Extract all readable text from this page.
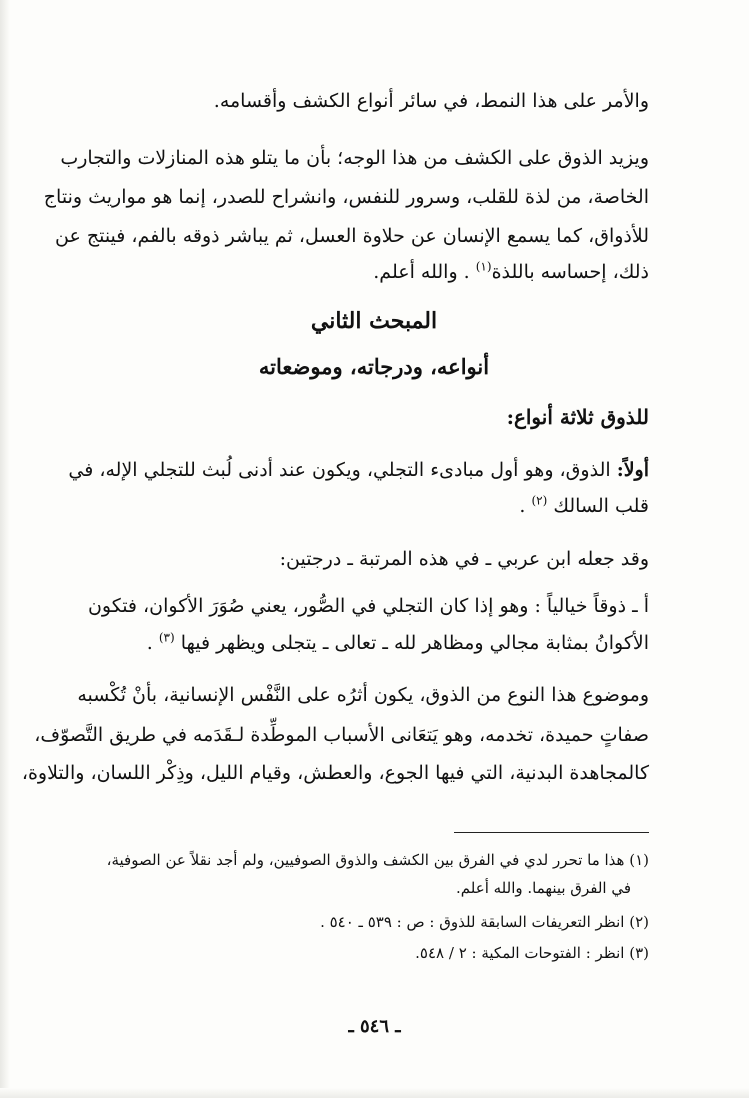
والأمر على هذا النمط، في سائر أنواع الكشف وأقسامه.
ويزيد الذوق على الكشف من هذا الوجه؛ بأن ما يتلو هذه المنازلات والتجارب
الخاصة، من لذة للقلب، وسرور للنفس، وانشراح للصدر، إنما هو مواريث ونتاج
للأذواق، كما يسمع الإنسان عن حلاوة العسل، ثم يباشر ذوقه بالفم، فينتج عن
ذلك، إحساسه باللذة$^{(١)}$ . والله أعلم.
المبحث الثاني
أنواعه، ودرجاته، وموضعاته
للذوق ثلاثة أنواع:
أولاً: الذوق، وهو أول مبادىء التجلي، ويكون عند أدنى لُبث للتجلي الإله، في
قلب السالك $^{(٢)}$ .
وقد جعله ابن عربي ـ في هذه المرتبة ـ درجتين:
أ ـ ذوقاً خيالياً : وهو إذا كان التجلي في الصُّور، يعني صُوَرَ الأكوان، فتكون
الأكوانُ بمثابة مجالي ومظاهر لله ـ تعالى ـ يتجلى ويظهر فيها $^{(٣)}$ .
وموضوع هذا النوع من الذوق، يكون أثرُه على النَّفْس الإنسانية، بأنْ تُكْسبه
صفاتٍ حميدة، تخدمه، وهو يَتعَانى الأسباب الموطِّدة لـقَدَمه في طريق التَّصوّف،
كالمجاهدة البدنية، التي فيها الجوع، والعطش، وقيام الليل، وذِكْر اللسان، والتلاوة،
(١) هذا ما تحرر لدي في الفرق بين الكشف والذوق الصوفيين، ولم أجد نقلاً عن الصوفية،
في الفرق بينهما. والله أعلم.
(٢) انظر التعريفات السابقة للذوق : ص : ٥٣٩ ـ ٥٤٠ .
(٣) انظر : الفتوحات المكية : ٢ / ٥٤٨.
ـ ٥٤٦ ـ
